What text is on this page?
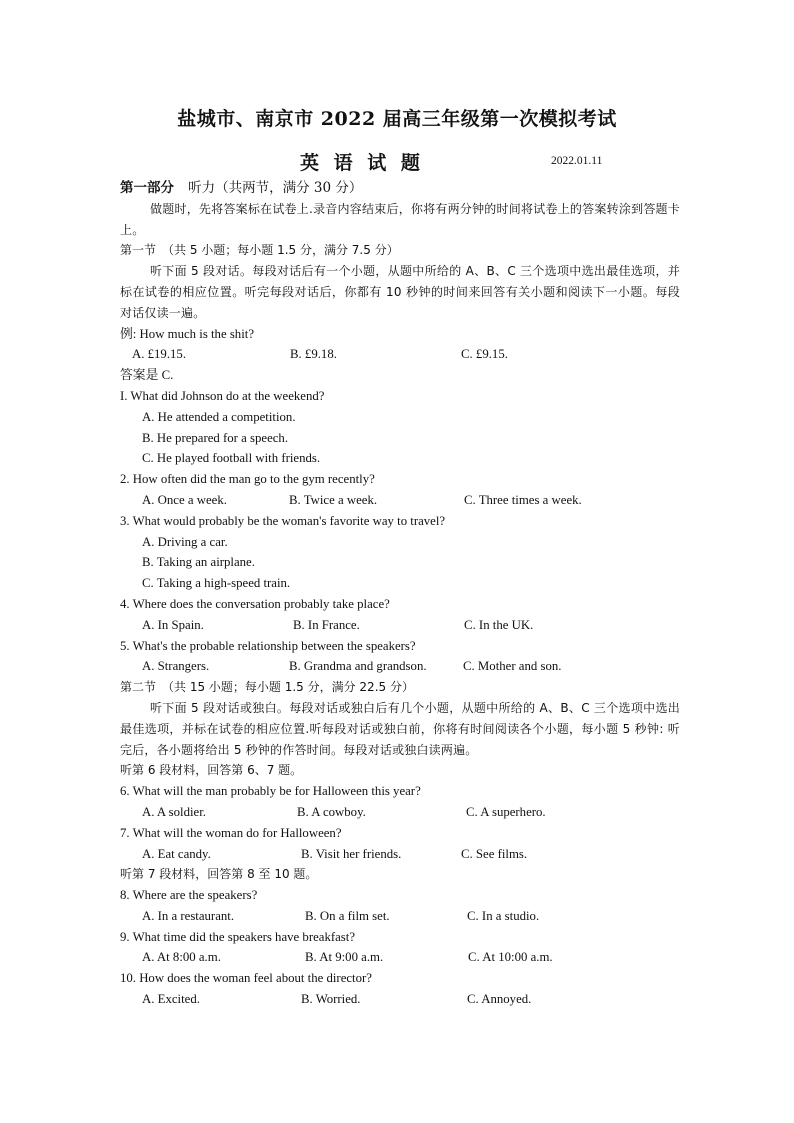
盐城市、南京市 2022 届高三年级第一次模拟考试
英 语 试 题	2022.01.11

第一部分 听力（共两节，满分 30 分）

做题时，先将答案标在试卷上.录音内容结束后，你将有两分钟的时间将试卷上的答案转涂到答题卡上。

第一节　（共 5 小题；每小题 1.5 分，满分 7.5 分）

听下面 5 段对话。每段对话后有一个小题，从题中所给的 A、B、C 三个选项中选出最佳选项，并标在试卷的相应位置。听完每段对话后，你都有 10 秒钟的时间来回答有关小题和阅读下一小题。每段对话仅读一遍。

例: How much is the shit?

A. £19.15.	B. £9.18.	C. £9.15.

答案是 C.

I. What did Johnson do at the weekend?

A. He attended a competition.

B. He prepared for a speech.

C. He played football with friends.

2. How often did the man go to the gym recently?

A. Once a week.	B. Twice a week.	C. Three times a week.

3. What would probably be the woman's favorite way to travel?

A. Driving a car.

B. Taking an airplane.

C. Taking a high-speed train.

4. Where does the conversation probably take place?

A. In Spain.	B. In France.	C. In the UK.

5. What's the probable relationship between the speakers?

A. Strangers.	B. Grandma and grandson.	C. Mother and son.

第二节　（共 15 小题；每小题 1.5 分，满分 22.5 分）

听下面 5 段对话或独白。每段对话或独白后有几个小题，从题中所给的 A、B、C 三个选项中选出最佳选项，并标在试卷的相应位置.听每段对话或独白前，你将有时间阅读各个小题，每小题 5 秒钟: 听完后，各小题将给出 5 秒钟的作答时间。每段对话或独白读两遍。

听第 6 段材料，回答第 6、7 题。

6. What will the man probably be for Halloween this year?

A. A soldier.	B. A cowboy.	C. A superhero.

7. What will the woman do for Halloween?

A. Eat candy.	B. Visit her friends.	C. See films.

听第 7 段材料，回答第 8 至 10 题。

8. Where are the speakers?

A. In a restaurant.	B. On a film set.	C. In a studio.

9. What time did the speakers have breakfast?

A. At 8:00 a.m.	B. At 9:00 a.m.	C. At 10:00 a.m.

10. How does the woman feel about the director?

A. Excited.	B. Worried.	C. Annoyed.
